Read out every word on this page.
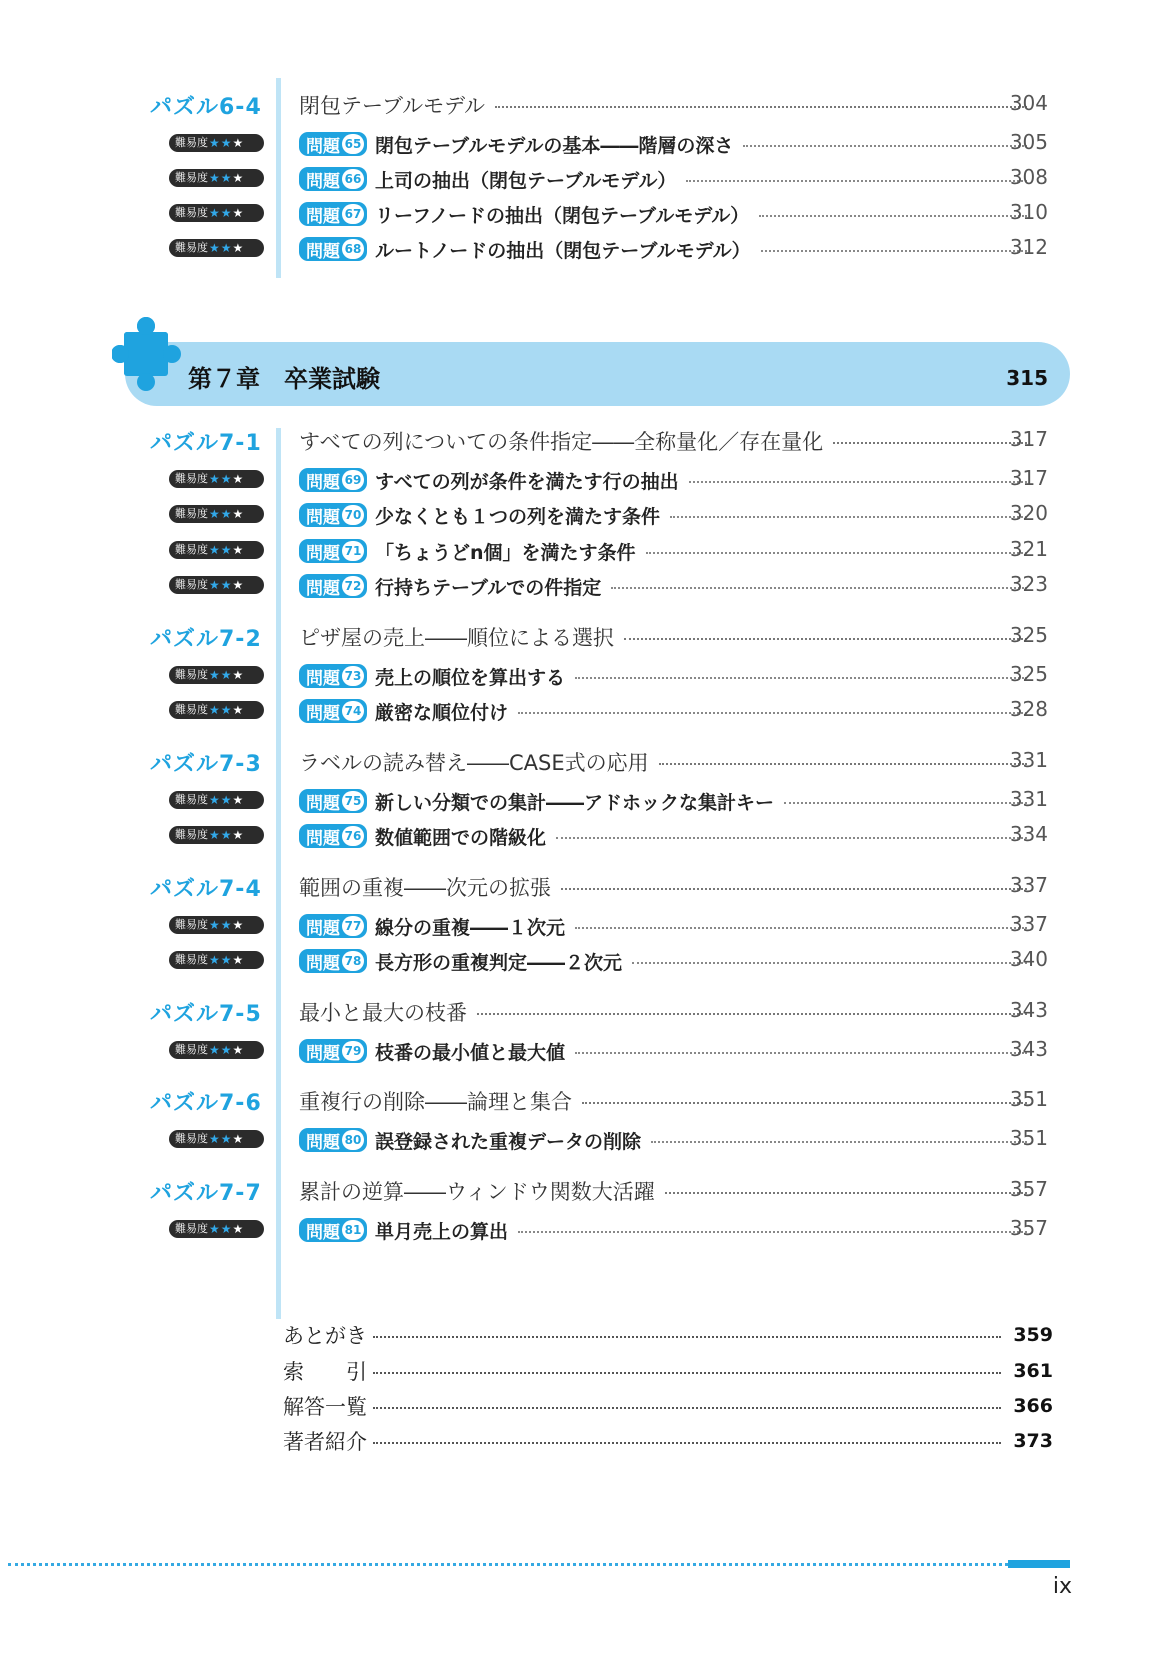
パズル6-4 閉包テーブルモデル	304
難易度 ★ ★ ★	問題 65 閉包テーブルモデルの基本――階層の深さ	305
難易度 ★ ★ ★	問題 66 上司の抽出（閉包テーブルモデル）	308
難易度 ★ ★ ★	問題 67 リーフノードの抽出（閉包テーブルモデル）	310
難易度 ★ ★ ★	問題 68 ルートノードの抽出（閉包テーブルモデル）	312
第７章　卒業試験	315
パズル7-1 すべての列についての条件指定――全称量化／存在量化	317
難易度 ★ ★ ★	問題 69 すべての列が条件を満たす行の抽出	317
難易度 ★ ★ ★	問題 70 少なくとも１つの列を満たす条件	320
難易度 ★ ★ ★	問題 71 「ちょうどn個」を満たす条件	321
難易度 ★ ★ ★	問題 72 行持ちテーブルでの件指定	323
パズル7-2 ピザ屋の売上――順位による選択	325
難易度 ★ ★ ★	問題 73 売上の順位を算出する	325
難易度 ★ ★ ★	問題 74 厳密な順位付け	328
パズル7-3 ラベルの読み替え――CASE式の応用	331
難易度 ★ ★ ★	問題 75 新しい分類での集計――アドホックな集計キー	331
難易度 ★ ★ ★	問題 76 数値範囲での階級化	334
パズル7-4 範囲の重複――次元の拡張	337
難易度 ★ ★ ★	問題 77 線分の重複――１次元	337
難易度 ★ ★ ★	問題 78 長方形の重複判定――２次元	340
パズル7-5 最小と最大の枝番	343
難易度 ★ ★ ★	問題 79 枝番の最小値と最大値	343
パズル7-6 重複行の削除――論理と集合	351
難易度 ★ ★ ★	問題 80 誤登録された重複データの削除	351
パズル7-7 累計の逆算――ウィンドウ関数大活躍	357
難易度 ★ ★ ★	問題 81 単月売上の算出	357
あとがき	359
索　　引	361
解答一覧	366
著者紹介	373
ix
